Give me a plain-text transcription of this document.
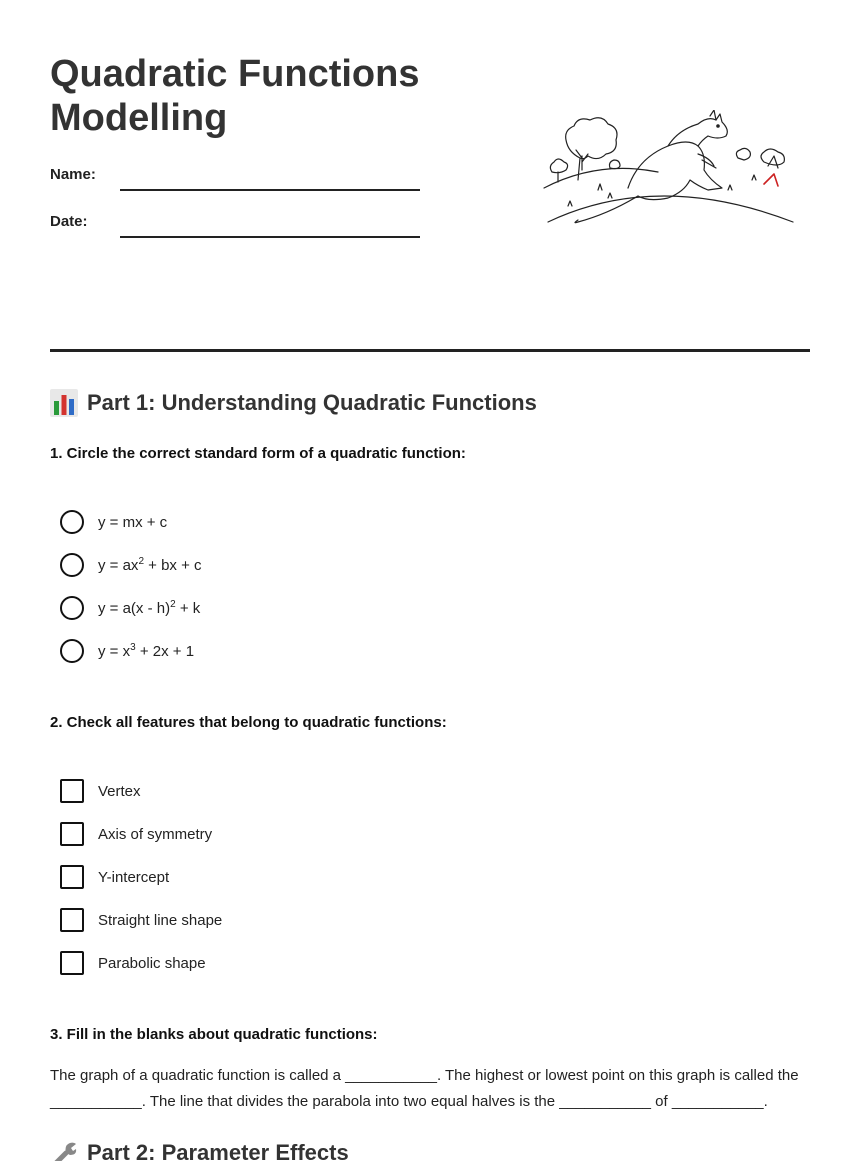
Quadratic Functions Modelling
Name:
Date:
Part 1: Understanding Quadratic Functions
1. Circle the correct standard form of a quadratic function:
y = mx + c
$y = ax^2$ + bx + c
y = a(x - h)$^2$ + k
$y = x^3 + 2x + 1$
2. Check all features that belong to quadratic functions:
Vertex
Axis of symmetry
Y-intercept
Straight line shape
Parabolic shape
3. Fill in the blanks about quadratic functions:
The graph of a quadratic function is called a ___________. The highest or lowest point on this graph is called the ___________. The line that divides the parabola into two equal halves is the ___________ of ___________.
Part 2: Parameter Effects
